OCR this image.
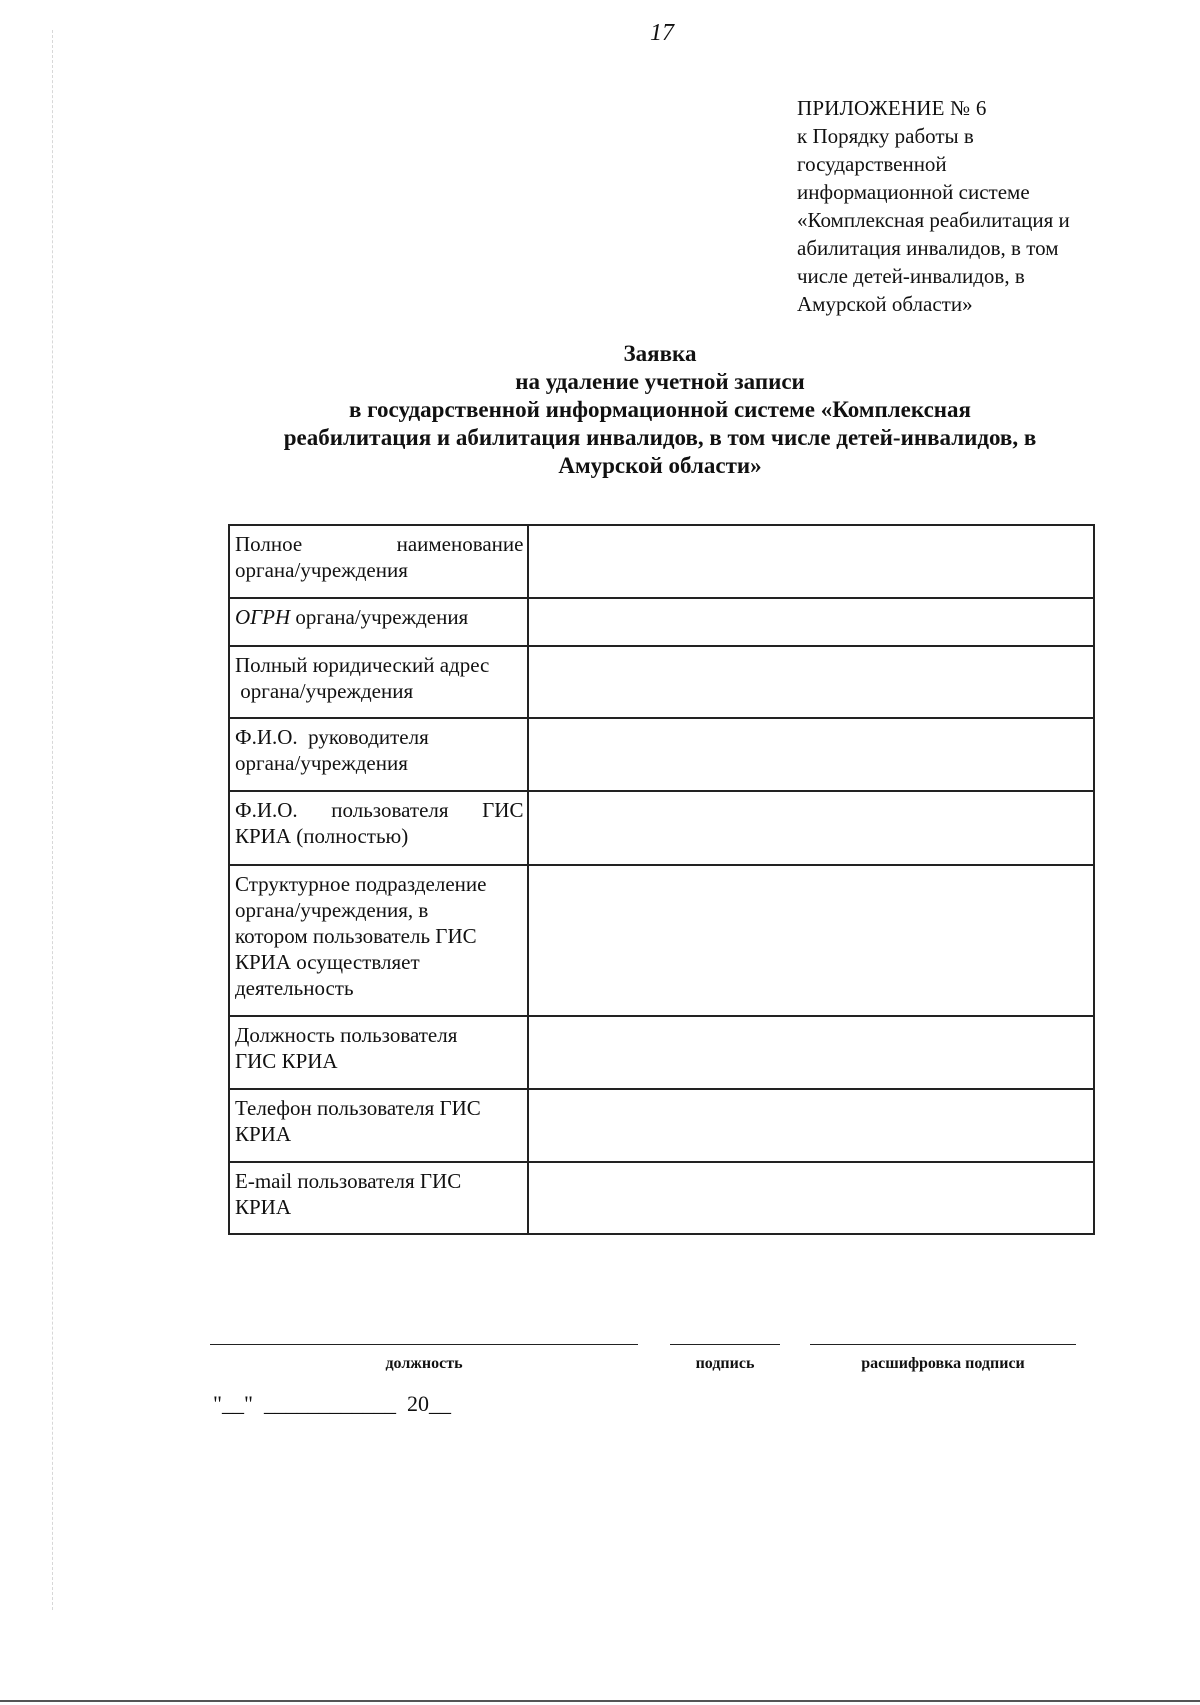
17
ПРИЛОЖЕНИЕ № 6
к Порядку работы в
государственной
информационной системе
«Комплексная реабилитация и
абилитация инвалидов, в том
числе детей-инвалидов, в
Амурской области»
Заявка
на удаление учетной записи
в государственной информационной системе «Комплексная
реабилитация и абилитация инвалидов, в том числе детей-инвалидов, в
Амурской области»
Полное наименование
органа/учреждения	

ОГРН органа/учреждения	

Полный юридический адрес
органа/учреждения	

Ф.И.О.  руководителя
органа/учреждения	

Ф.И.О. пользователя ГИС
КРИА (полностью)	

Структурное подразделение
органа/учреждения, в
котором пользователь ГИС
КРИА осуществляет
деятельность	

Должность пользователя
ГИС КРИА	

Телефон пользователя ГИС
КРИА	

E-mail пользователя ГИС
КРИА	

должность	подпись	расшифровка подписи
"__"  ____________  20__
